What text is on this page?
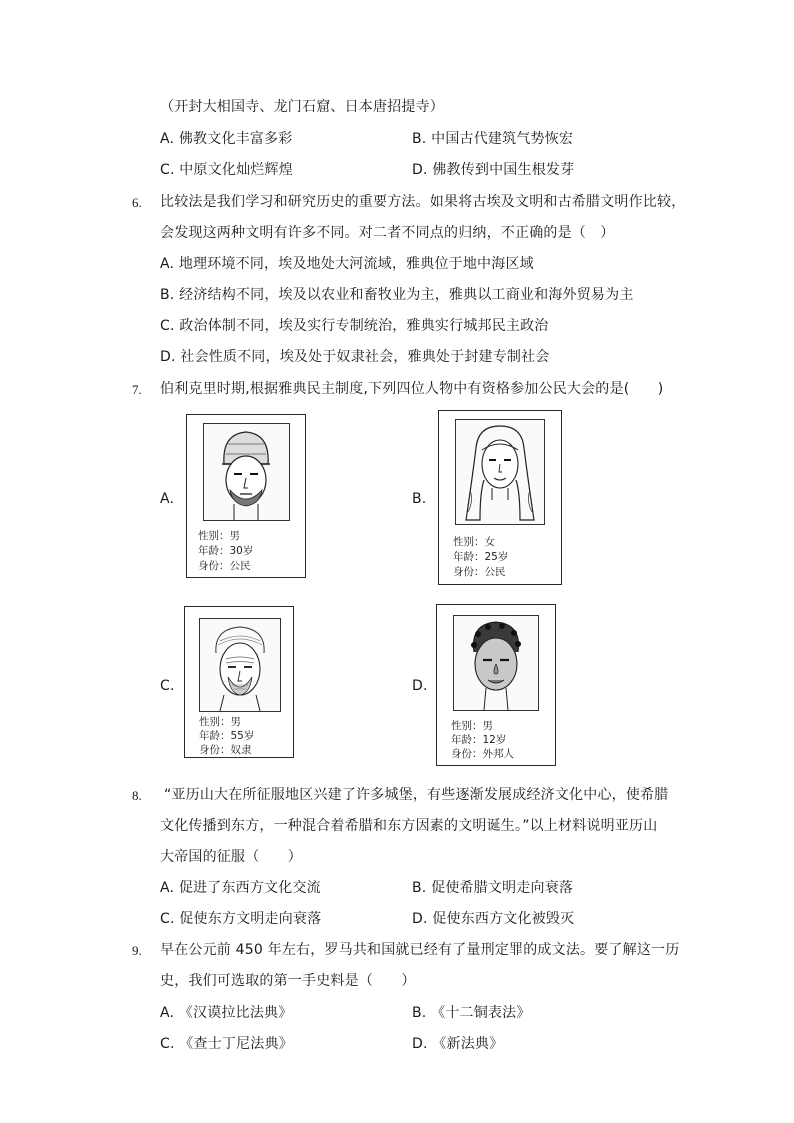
（开封大相国寺、龙门石窟、日本唐招提寺）
A. 佛教文化丰富多彩	B. 中国古代建筑气势恢宏
C. 中原文化灿烂辉煌	D. 佛教传到中国生根发芽
6. 比较法是我们学习和研究历史的重要方法。如果将古埃及文明和古希腊文明作比较，
会发现这两种文明有许多不同。对二者不同点的归纳，不正确的是（　）
A. 地理环境不同，埃及地处大河流域，雅典位于地中海区域
B. 经济结构不同，埃及以农业和畜牧业为主，雅典以工商业和海外贸易为主
C. 政治体制不同，埃及实行专制统治，雅典实行城邦民主政治
D. 社会性质不同，埃及处于奴隶社会，雅典处于封建专制社会
7. 伯利克里时期,根据雅典民主制度,下列四位人物中有资格参加公民大会的是(　　)
A.
性别：男
年龄：30岁
身份：公民
B.
性别：女
年龄：25岁
身份：公民
C.
性别：男
年龄：55岁
身份：奴隶
D.
性别：男
年龄：12岁
身份：外邦人
8. “亚历山大在所征服地区兴建了许多城堡，有些逐渐发展成经济文化中心，使希腊
文化传播到东方，一种混合着希腊和东方因素的文明诞生。”以上材料说明亚历山
大帝国的征服（　　）
A. 促进了东西方文化交流	B. 促使希腊文明走向衰落
C. 促使东方文明走向衰落	D. 促使东西方文化被毁灭
9. 早在公元前 450 年左右，罗马共和国就已经有了量刑定罪的成文法。要了解这一历
史，我们可选取的第一手史料是（　　）
A. 《汉谟拉比法典》	B. 《十二铜表法》
C. 《查士丁尼法典》	D. 《新法典》
